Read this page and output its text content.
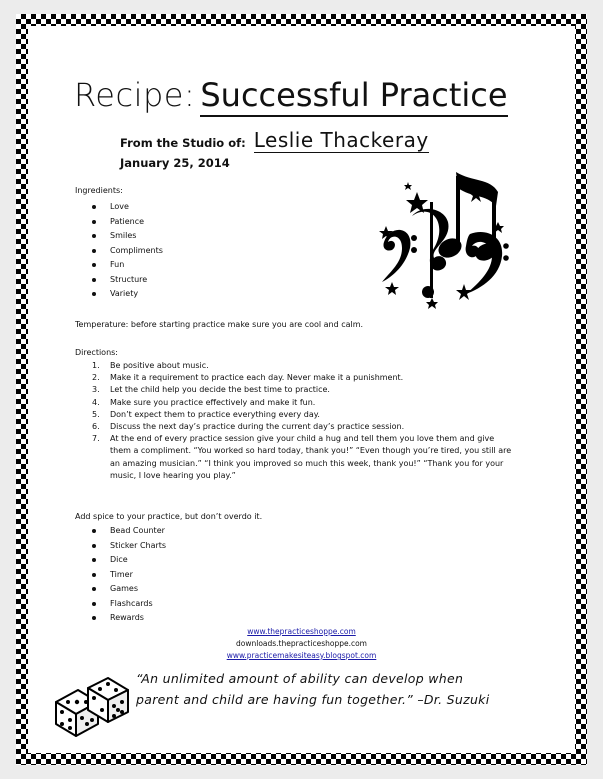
Recipe: Successful Practice
From the Studio of: Leslie Thackeray
January 25, 2014
Ingredients:
Love
Patience
Smiles
Compliments
Fun
Structure
Variety
Temperature: before starting practice make sure you are cool and calm.
Directions:
1. Be positive about music.
2. Make it a requirement to practice each day. Never make it a punishment.
3. Let the child help you decide the best time to practice.
4. Make sure you practice effectively and make it fun.
5. Don’t expect them to practice everything every day.
6. Discuss the next day’s practice during the current day’s practice session.
7. At the end of every practice session give your child a hug and tell them you love them and give them a compliment. “You worked so hard today, thank you!” “Even though you’re tired, you still are an amazing musician.” “I think you improved so much this week, thank you!” “Thank you for your music, I love hearing you play.”
Add spice to your practice, but don’t overdo it.
Bead Counter
Sticker Charts
Dice
Timer
Games
Flashcards
Rewards
www.thepracticeshoppe.com
downloads.thepracticeshoppe.com
www.practicemakesiteasy.blogspot.com
“An unlimited amount of ability can develop when
parent and child are having fun together.” –Dr. Suzuki
